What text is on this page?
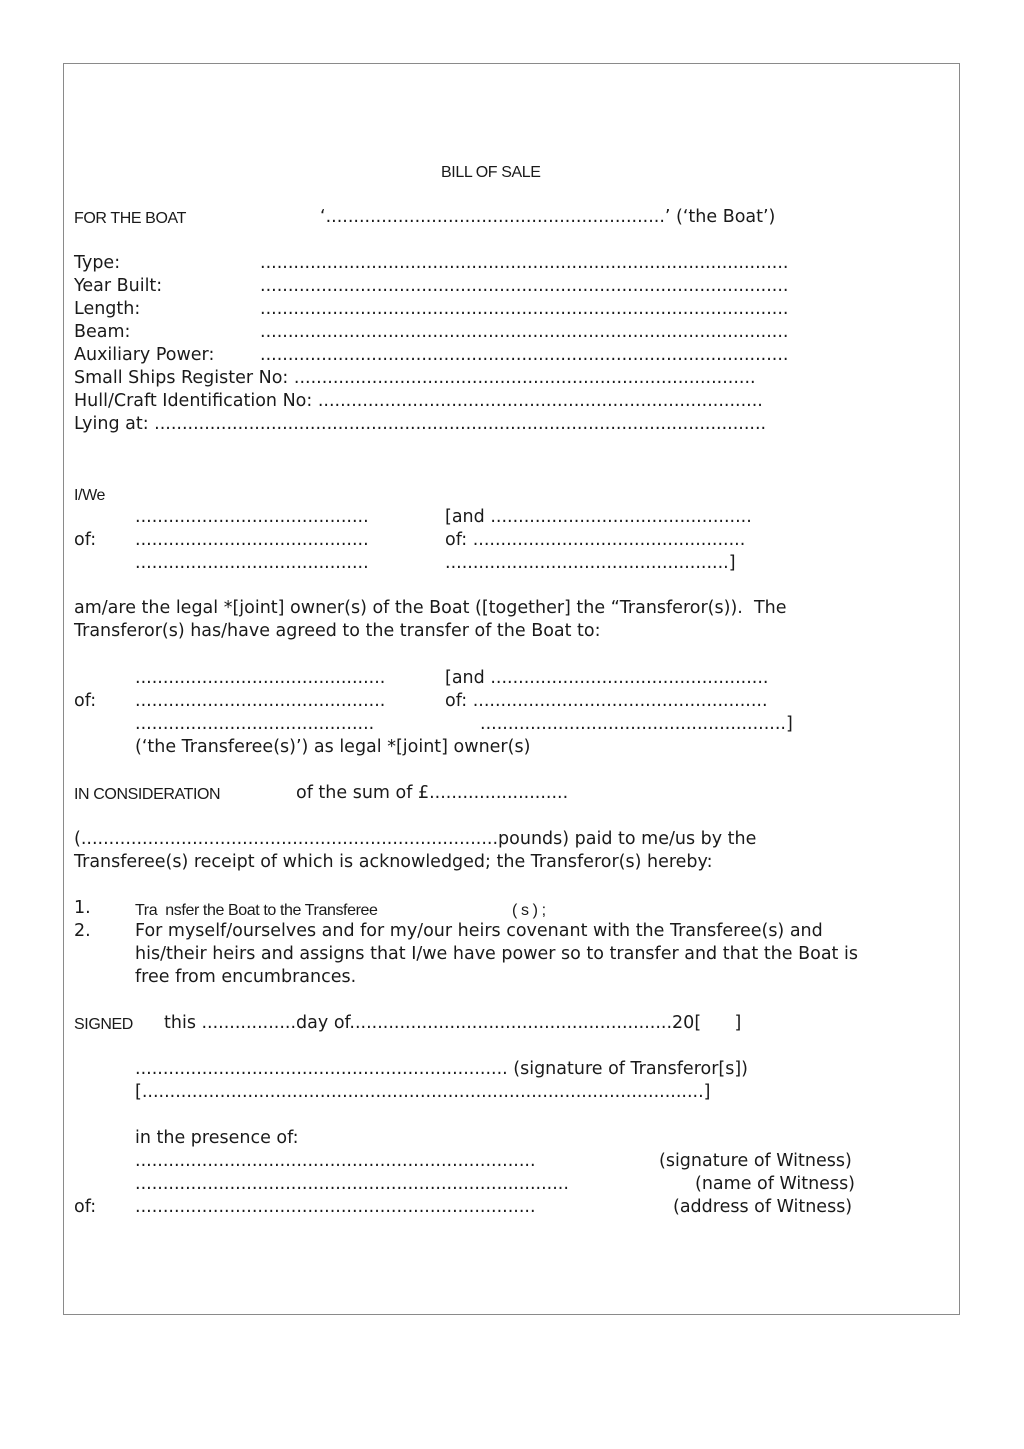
BILL OF SALE
FOR THE BOAT	‘.............................................................’ (‘the Boat’)
Type:	...............................................................................................
Year Built:	...............................................................................................
Length:	...............................................................................................
Beam:	...............................................................................................
Auxiliary Power:	...............................................................................................
Small Ships Register No: ...................................................................................
Hull/Craft Identification No: ................................................................................
Lying at: ..............................................................................................................
I/We
..........................................	[and ...............................................
of: ..........................................	of: .................................................
..........................................	...................................................]
am/are the legal *[joint] owner(s) of the Boat ([together] the “Transferor(s)).  The
Transferor(s) has/have agreed to the transfer of the Boat to:
.............................................	[and ..................................................
of: .............................................	of: .....................................................
...........................................	.......................................................]
(‘the Transferee(s)’) as legal *[joint] owner(s)
IN CONSIDERATION	of the sum of £.........................
(...........................................................................pounds) paid to me/us by the
Transferee(s) receipt of which is acknowledged; the Transferor(s) hereby:
1.	Tra  nsfer the Boat to the Transferee	( s ) ;
2.	For myself/ourselves and for my/our heirs covenant with the Transferee(s) and
his/their heirs and assigns that I/we have power so to transfer and that the Boat is
free from encumbrances.
SIGNED this .................day of..........................................................20[      ]
................................................................... (signature of Transferor[s])
[.....................................................................................................]
in the presence of:
........................................................................	(signature of Witness)
..............................................................................	(name of Witness)
of: ........................................................................	(address of Witness)
